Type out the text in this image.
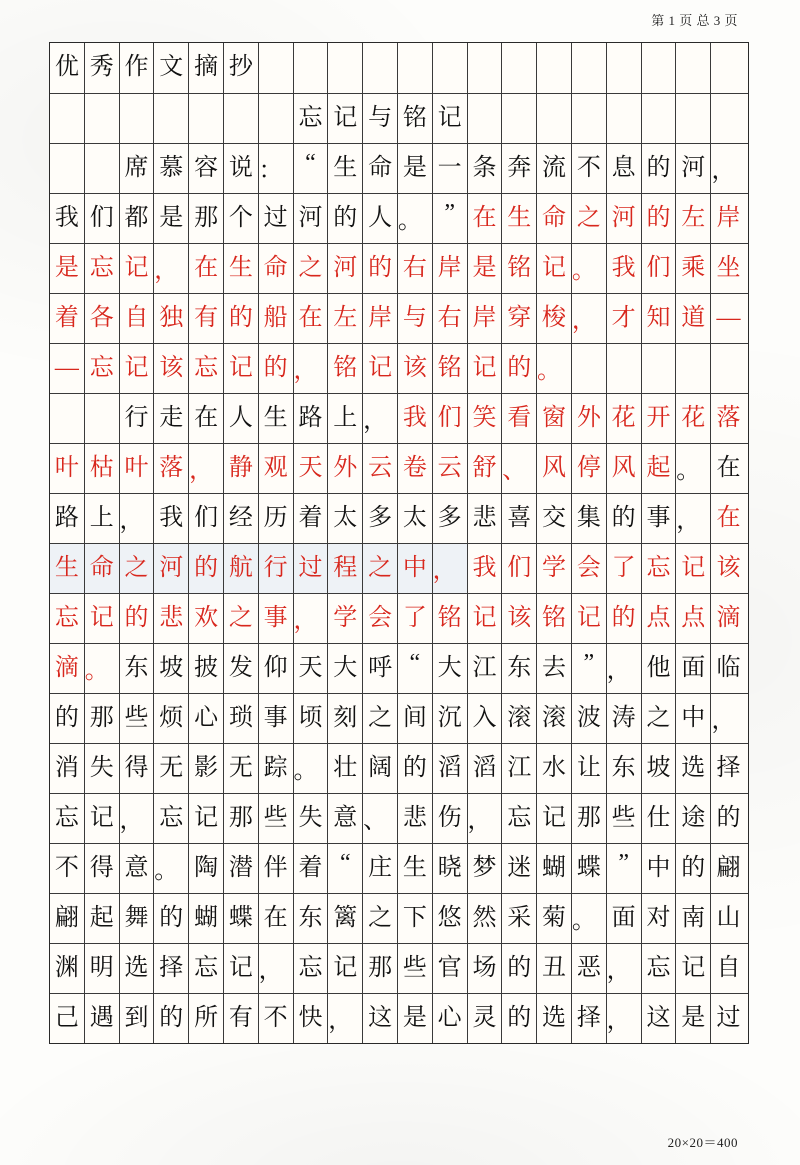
第 1 页 总 3 页
优 秀 作 文 摘 抄
忘 记 与 铭 记
席 慕 容 说 ： “ 生 命 是 一 条 奔 流 不 息 的 河 ，
我 们 都 是 那 个 过 河 的 人 。 ” 在 生 命 之 河 的 左 岸
是 忘 记 ， 在 生 命 之 河 的 右 岸 是 铭 记 。 我 们 乘 坐
着 各 自 独 有 的 船 在 左 岸 与 右 岸 穿 梭 ， 才 知 道 —
— 忘 记 该 忘 记 的 ， 铭 记 该 铭 记 的 。
行 走 在 人 生 路 上 ， 我 们 笑 看 窗 外 花 开 花 落
叶 枯 叶 落 ， 静 观 天 外 云 卷 云 舒 、 风 停 风 起 。 在
路 上 ， 我 们 经 历 着 太 多 太 多 悲 喜 交 集 的 事 ， 在
生 命 之 河 的 航 行 过 程 之 中 ， 我 们 学 会 了 忘 记 该
忘 记 的 悲 欢 之 事 ， 学 会 了 铭 记 该 铭 记 的 点 点 滴
滴 。 东 坡 披 发 仰 天 大 呼 “ 大 江 东 去 ” ， 他 面 临
的 那 些 烦 心 琐 事 顷 刻 之 间 沉 入 滚 滚 波 涛 之 中 ，
消 失 得 无 影 无 踪 。 壮 阔 的 滔 滔 江 水 让 东 坡 选 择
忘 记 ， 忘 记 那 些 失 意 、 悲 伤 ， 忘 记 那 些 仕 途 的
不 得 意 。 陶 潜 伴 着 “ 庄 生 晓 梦 迷 蝴 蝶 ” 中 的 翩
翩 起 舞 的 蝴 蝶 在 东 篱 之 下 悠 然 采 菊 。 面 对 南 山
渊 明 选 择 忘 记 ， 忘 记 那 些 官 场 的 丑 恶 ， 忘 记 自
己 遇 到 的 所 有 不 快 ， 这 是 心 灵 的 选 择 ， 这 是 过
20×20＝400
